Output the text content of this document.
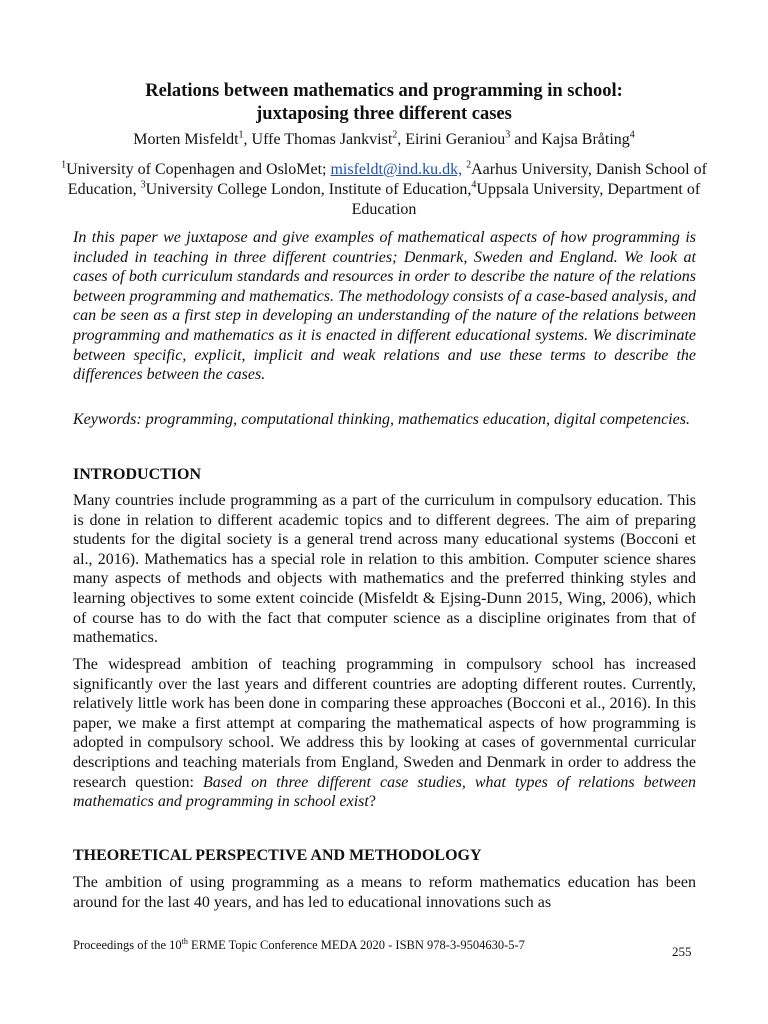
Relations between mathematics and programming in school:
juxtaposing three different cases
Morten Misfeldt$^1$, Uffe Thomas Jankvist$^2$, Eirini Geraniou$^3$ and Kajsa Bråting$^4$
$^1$University of Copenhagen and OsloMet; misfeldt@ind.ku.dk, $^2$Aarhus University, Danish School of Education, $^3$University College London, Institute of Education,$^4$Uppsala University, Department of Education
In this paper we juxtapose and give examples of mathematical aspects of how programming is included in teaching in three different countries; Denmark, Sweden and England. We look at cases of both curriculum standards and resources in order to describe the nature of the relations between programming and mathematics. The methodology consists of a case-based analysis, and can be seen as a first step in developing an understanding of the nature of the relations between programming and mathematics as it is enacted in different educational systems. We discriminate between specific, explicit, implicit and weak relations and use these terms to describe the differences between the cases.
Keywords: programming, computational thinking, mathematics education, digital competencies.
INTRODUCTION
Many countries include programming as a part of the curriculum in compulsory education. This is done in relation to different academic topics and to different degrees. The aim of preparing students for the digital society is a general trend across many educational systems (Bocconi et al., 2016). Mathematics has a special role in relation to this ambition. Computer science shares many aspects of methods and objects with mathematics and the preferred thinking styles and learning objectives to some extent coincide (Misfeldt & Ejsing-Dunn 2015, Wing, 2006), which of course has to do with the fact that computer science as a discipline originates from that of mathematics.
The widespread ambition of teaching programming in compulsory school has increased significantly over the last years and different countries are adopting different routes. Currently, relatively little work has been done in comparing these approaches (Bocconi et al., 2016). In this paper, we make a first attempt at comparing the mathematical aspects of how programming is adopted in compulsory school. We address this by looking at cases of governmental curricular descriptions and teaching materials from England, Sweden and Denmark in order to address the research question: Based on three different case studies, what types of relations between mathematics and programming in school exist?
THEORETICAL PERSPECTIVE AND METHODOLOGY
The ambition of using programming as a means to reform mathematics education has been around for the last 40 years, and has led to educational innovations such as
Proceedings of the 10th ERME Topic Conference MEDA 2020 - ISBN 978-3-9504630-5-7	255
